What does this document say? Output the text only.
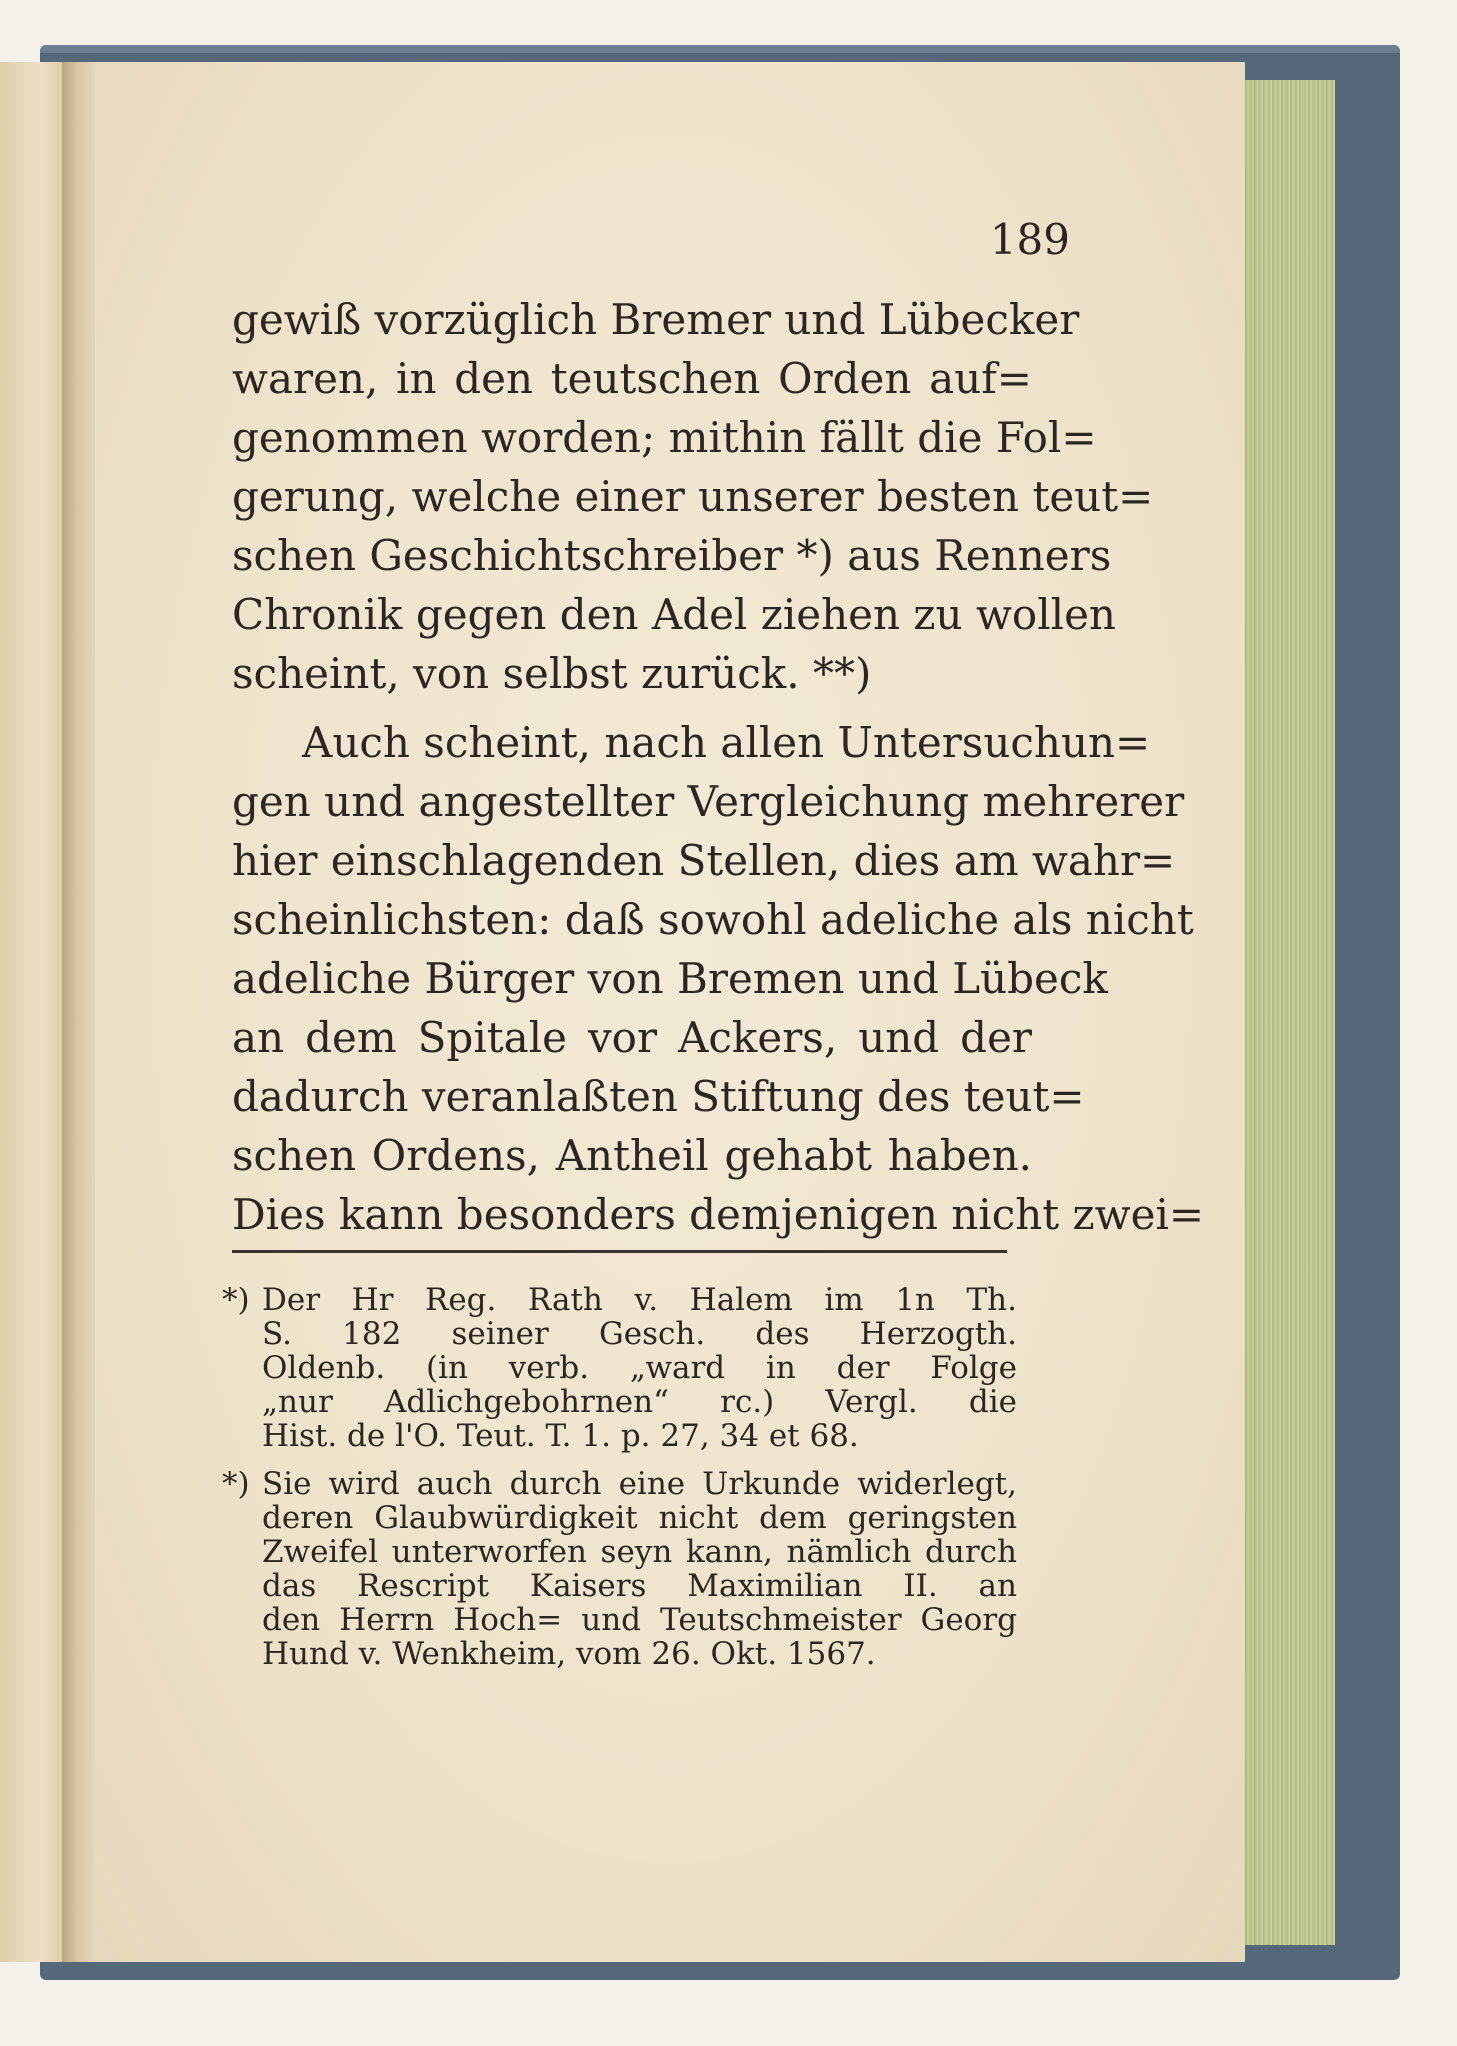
189
gewiß vorzüglich Bremer und Lübecker
waren, in den teutschen Orden auf=
genommen worden; mithin fällt die Fol=
gerung, welche einer unserer besten teut=
schen Geschichtschreiber *) aus Renners
Chronik gegen den Adel ziehen zu wollen
scheint, von selbst zurück. **)
Auch scheint, nach allen Untersuchun=
gen und angestellter Vergleichung mehrerer
hier einschlagenden Stellen, dies am wahr=
scheinlichsten: daß sowohl adeliche als nicht
adeliche Bürger von Bremen und Lübeck
an dem Spitale vor Ackers, und der
dadurch veranlaßten Stiftung des teut=
schen Ordens, Antheil gehabt haben.
Dies kann besonders demjenigen nicht zwei=
*) Der Hr Reg. Rath v. Halem im 1n Th.
S. 182 seiner Gesch. des Herzogth.
Oldenb. (in verb. „ward in der Folge
„nur Adlichgebohrnen“ rc.) Vergl. die
Hist. de l'O. Teut. T. 1. p. 27, 34 et 68.
*) Sie wird auch durch eine Urkunde widerlegt,
deren Glaubwürdigkeit nicht dem geringsten
Zweifel unterworfen seyn kann, nämlich durch
das Rescript Kaisers Maximilian II. an
den Herrn Hoch= und Teutschmeister Georg
Hund v. Wenkheim, vom 26. Okt. 1567.
